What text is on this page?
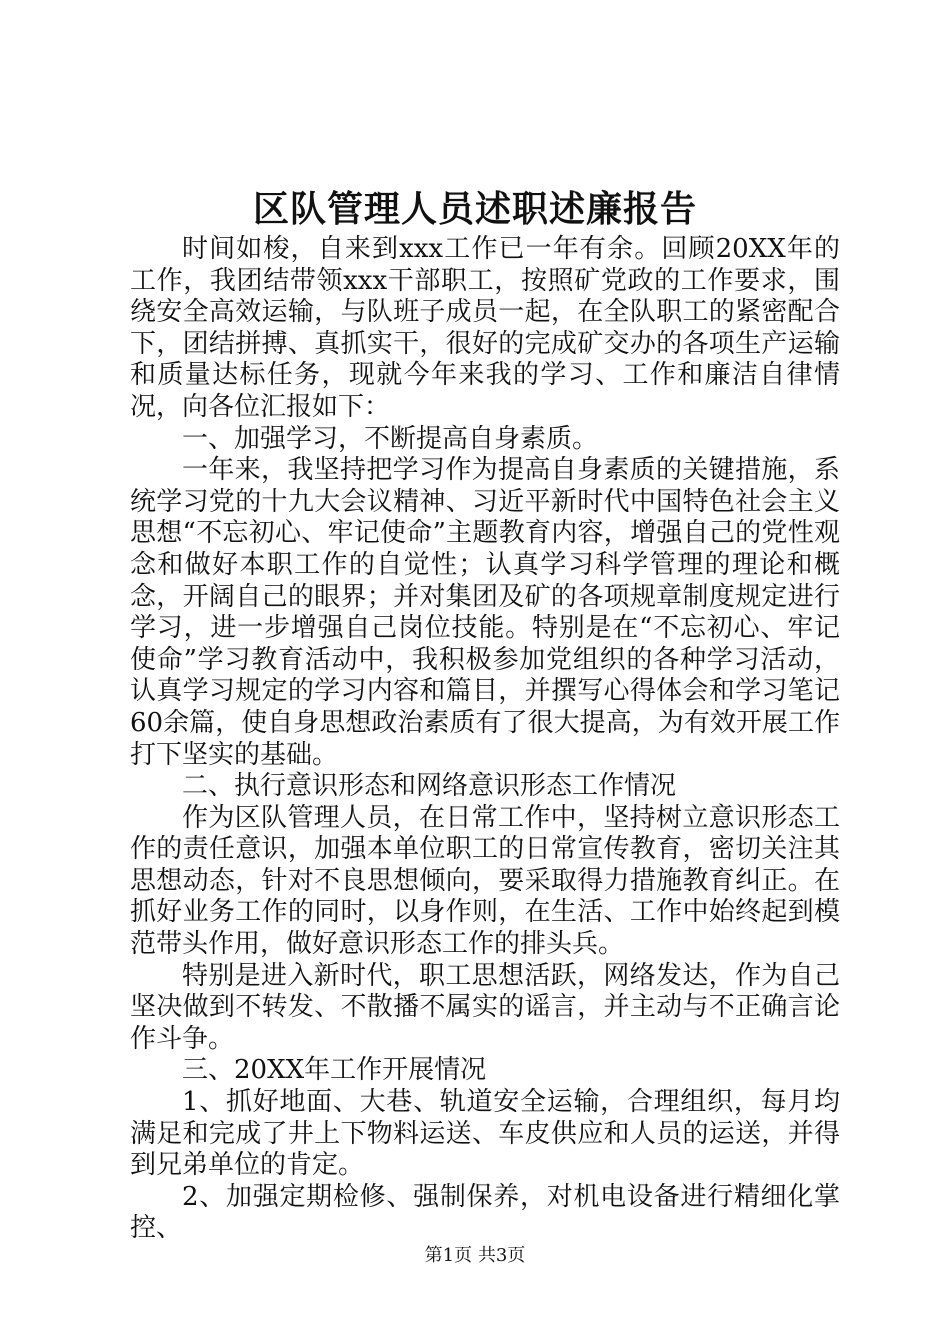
区队管理人员述职述廉报告

时间如梭，自来到xxx工作已一年有余。回顾20XX年的工作，我团结带领xxx干部职工，按照矿党政的工作要求，围绕安全高效运输，与队班子成员一起，在全队职工的紧密配合下，团结拼搏、真抓实干，很好的完成矿交办的各项生产运输和质量达标任务，现就今年来我的学习、工作和廉洁自律情况，向各位汇报如下：

一、加强学习，不断提高自身素质。

一年来，我坚持把学习作为提高自身素质的关键措施，系统学习党的十九大会议精神、习近平新时代中国特色社会主义思想“不忘初心、牢记使命”主题教育内容，增强自己的党性观念和做好本职工作的自觉性；认真学习科学管理的理论和概念，开阔自己的眼界；并对集团及矿的各项规章制度规定进行学习，进一步增强自己岗位技能。特别是在“不忘初心、牢记使命”学习教育活动中，我积极参加党组织的各种学习活动，认真学习规定的学习内容和篇目，并撰写心得体会和学习笔记60余篇，使自身思想政治素质有了很大提高，为有效开展工作打下坚实的基础。

二、执行意识形态和网络意识形态工作情况

作为区队管理人员，在日常工作中，坚持树立意识形态工作的责任意识，加强本单位职工的日常宣传教育，密切关注其思想动态，针对不良思想倾向，要采取得力措施教育纠正。在抓好业务工作的同时，以身作则，在生活、工作中始终起到模范带头作用，做好意识形态工作的排头兵。

特别是进入新时代，职工思想活跃，网络发达，作为自己坚决做到不转发、不散播不属实的谣言，并主动与不正确言论作斗争。

三、20XX年工作开展情况

1、抓好地面、大巷、轨道安全运输，合理组织，每月均满足和完成了井上下物料运送、车皮供应和人员的运送，并得到兄弟单位的肯定。

2、加强定期检修、强制保养，对机电设备进行精细化掌控、

第1页 共3页
